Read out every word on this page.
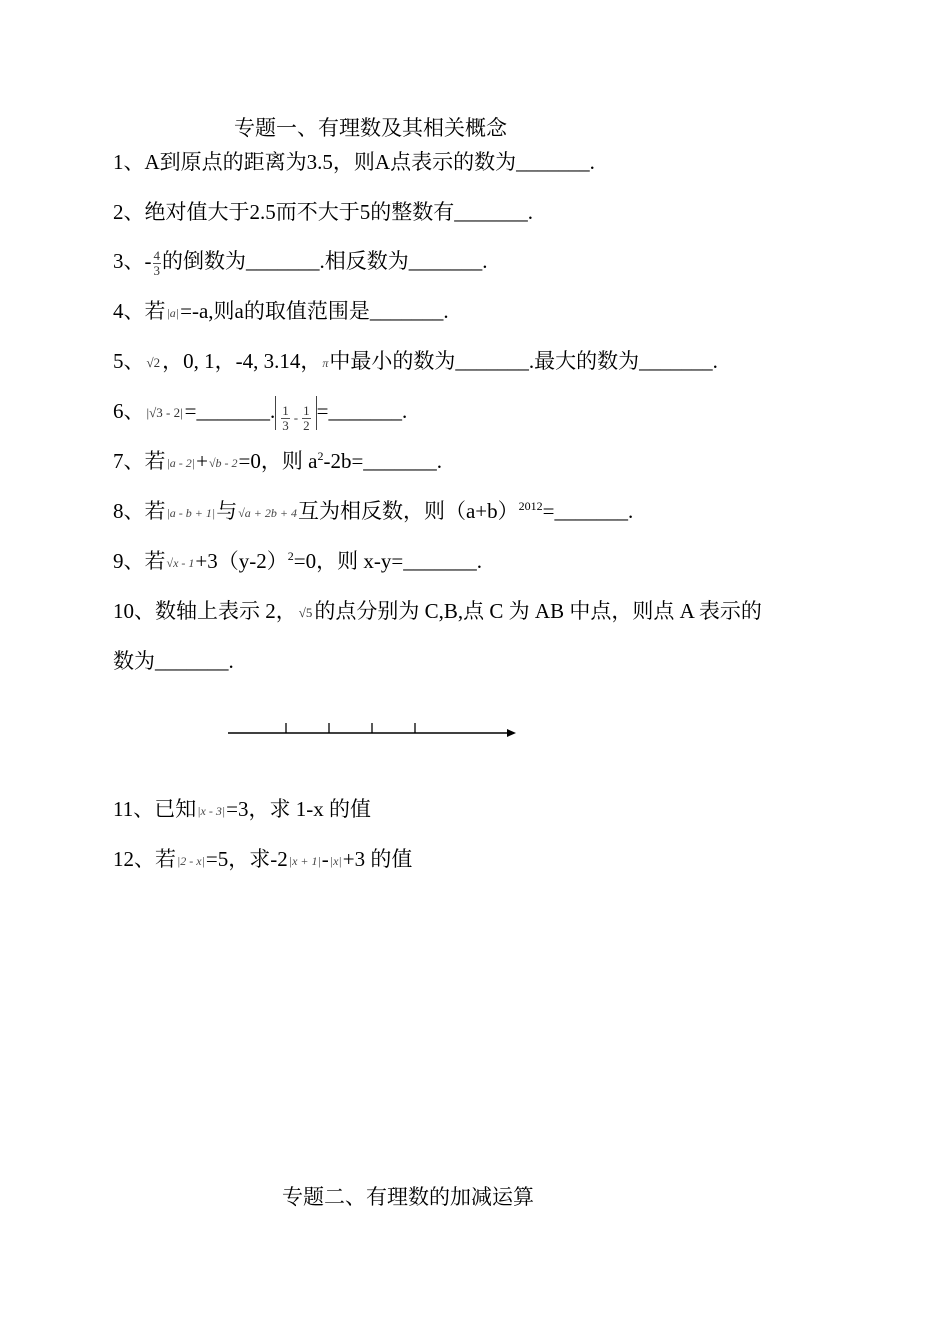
专题一、有理数及其相关概念
1、A到原点的距离为3.5，则A点表示的数为_______.
2、绝对值大于2.5而不大于5的整数有_______.
3、- $\frac{4}{3}$ 的倒数为_______.相反数为_______.
4、若|a|=-a,则a的取值范围是_______.
5、 √2，0, 1，-4, 3.14，π中最小的数为_______.最大的数为_______.
6、 |√3 - 2|=_______. $\frac{1}{3} - \frac{1}{2}$ =_______.
7、若|a - 2|+√b - 2=0，则 $a^2-2b=\_\_\_\_\_\_\_$.
8、若|a - b + 1|与√a + 2b + 4互为相反数，则$(a+b)^{2012}=\_\_\_\_\_\_\_$.
9、若$√x - 1+3(y-2)^2=0$，则 x-y=_______.
10、数轴上表示 2， √5的点分别为 C,B,点 C 为 AB 中点，则点 A 表示的
数为_______.
11、已知|x - 3|=3，求 1-x 的值
12、若|2 - x|=5，求-2|x + 1|-|x|+3 的值
专题二、有理数的加减运算
